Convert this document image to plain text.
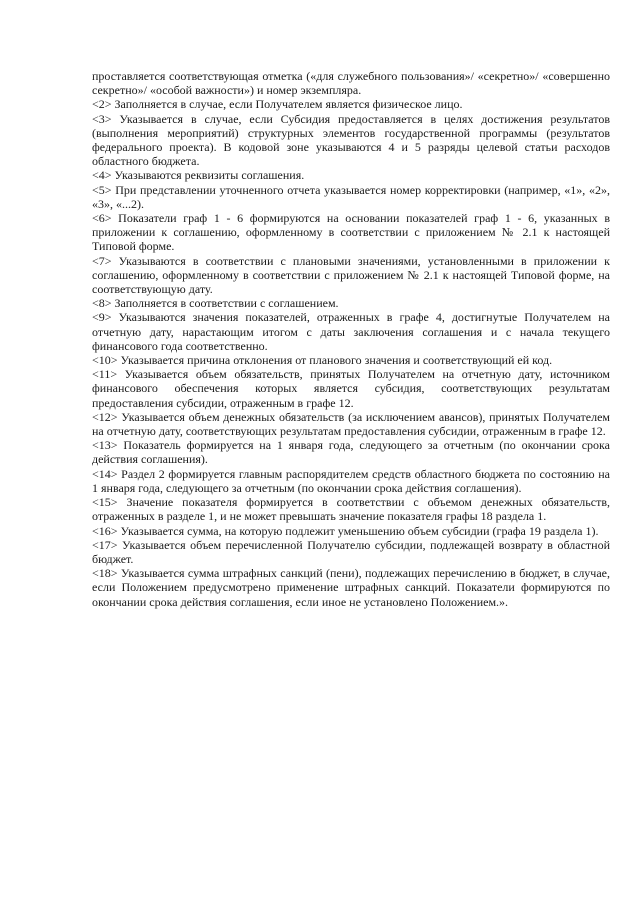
проставляется соответствующая отметка («для служебного пользования»/ «секретно»/ «совершенно секретно»/ «особой важности») и номер экземпляра.

<2> Заполняется в случае, если Получателем является физическое лицо.

<3> Указывается в случае, если Субсидия предоставляется в целях достижения результатов (выполнения мероприятий) структурных элементов государственной программы (результатов федерального проекта). В кодовой зоне указываются 4 и 5 разряды целевой статьи расходов областного бюджета.

<4> Указываются реквизиты соглашения.

<5> При представлении уточненного отчета указывается номер корректировки (например, «1», «2», «3», «...2).

<6> Показатели граф 1 - 6 формируются на основании показателей граф 1 - 6, указанных в приложении к соглашению, оформленному в соответствии с приложением № 2.1 к настоящей Типовой форме.

<7> Указываются в соответствии с плановыми значениями, установленными в приложении к соглашению, оформленному в соответствии с приложением № 2.1 к настоящей Типовой форме, на соответствующую дату.

<8> Заполняется в соответствии с соглашением.

<9> Указываются значения показателей, отраженных в графе 4, достигнутые Получателем на отчетную дату, нарастающим итогом с даты заключения соглашения и с начала текущего финансового года соответственно.

<10> Указывается причина отклонения от планового значения и соответствующий ей код.

<11> Указывается объем обязательств, принятых Получателем на отчетную дату, источником финансового обеспечения которых является субсидия, соответствующих результатам предоставления субсидии, отраженным в графе 12.

<12> Указывается объем денежных обязательств (за исключением авансов), принятых Получателем на отчетную дату, соответствующих результатам предоставления субсидии, отраженным в графе 12.

<13> Показатель формируется на 1 января года, следующего за отчетным (по окончании срока действия соглашения).

<14> Раздел 2 формируется главным распорядителем средств областного бюджета по состоянию на 1 января года, следующего за отчетным (по окончании срока действия соглашения).

<15> Значение показателя формируется в соответствии с объемом денежных обязательств, отраженных в разделе 1, и не может превышать значение показателя графы 18 раздела 1.

<16> Указывается сумма, на которую подлежит уменьшению объем субсидии (графа 19 раздела 1).

<17> Указывается объем перечисленной Получателю субсидии, подлежащей возврату в областной бюджет.

<18> Указывается сумма штрафных санкций (пени), подлежащих перечислению в бюджет, в случае, если Положением предусмотрено применение штрафных санкций. Показатели формируются по окончании срока действия соглашения, если иное не установлено Положением.».
